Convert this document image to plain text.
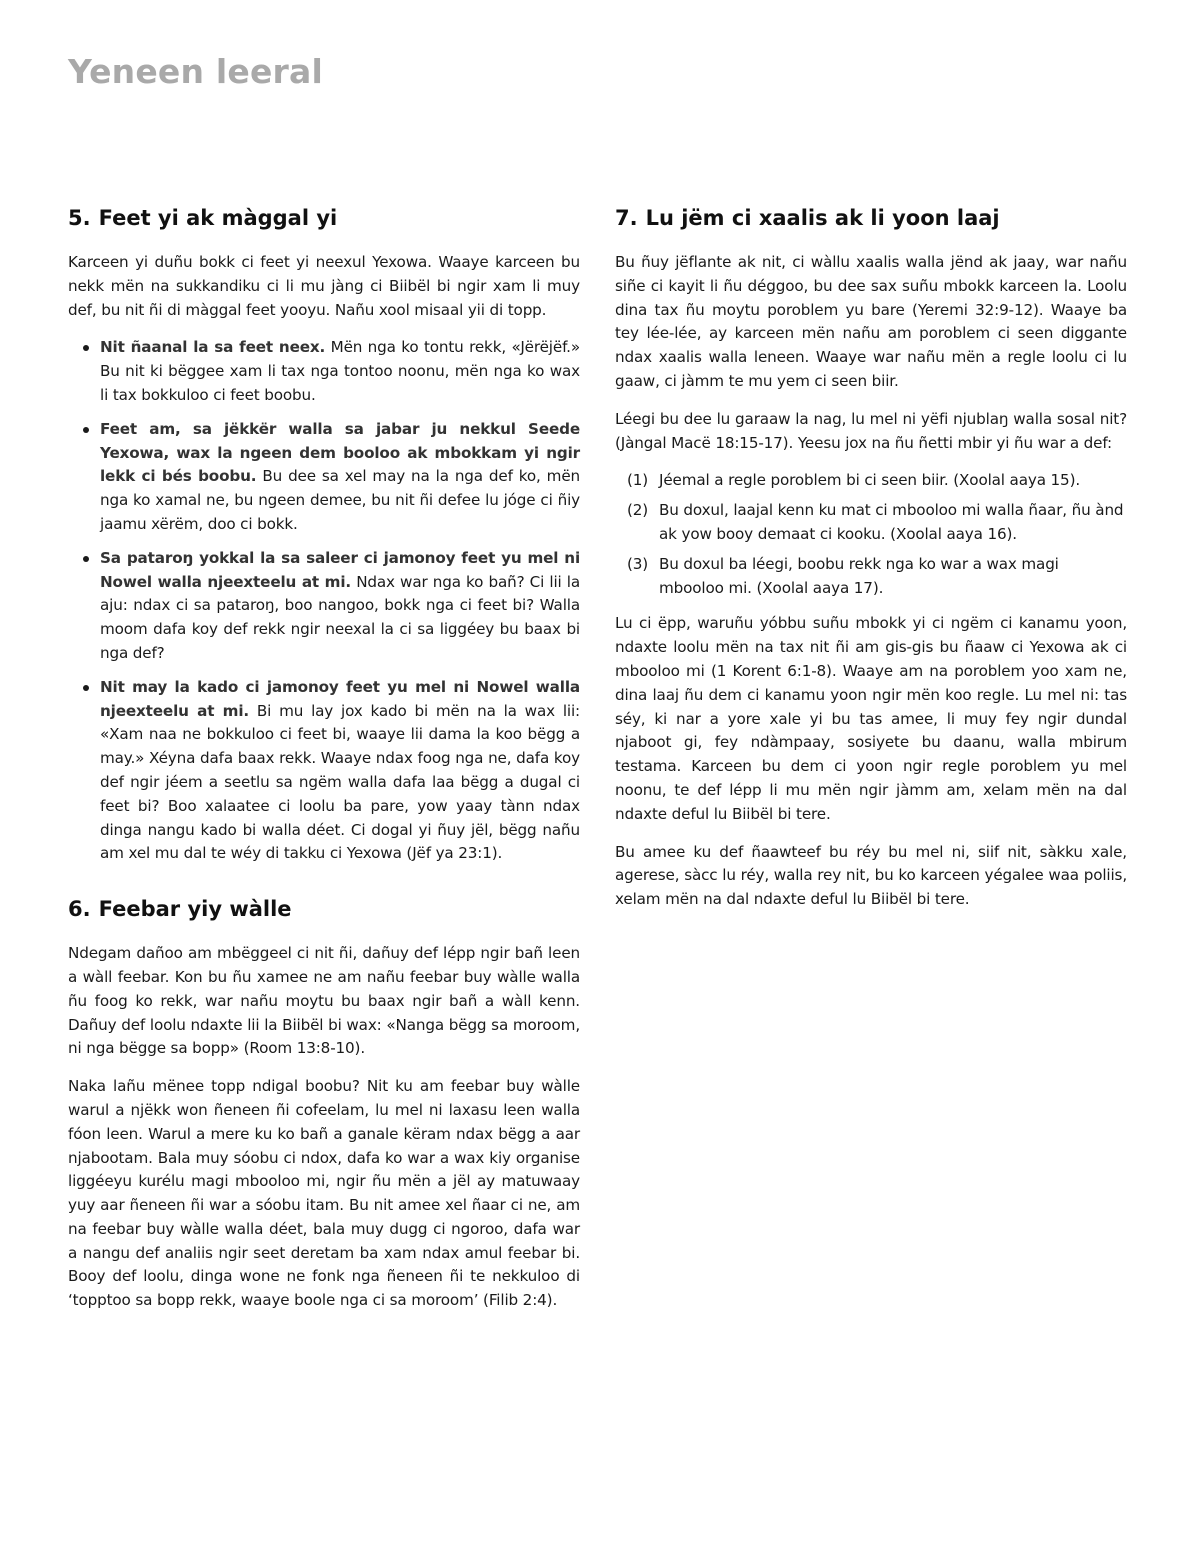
Yeneen leeral
5. Feet yi ak màggal yi

Karceen yi duñu bokk ci feet yi neexul Yexowa. Waaye karceen bu nekk mën na sukkandiku ci li mu jàng ci Biibël bi ngir xam li muy def, bu nit ñi di màggal feet yooyu. Nañu xool misaal yii di topp.

Nit ñaanal la sa feet neex. Mën nga ko tontu rekk, «Jërëjëf.» Bu nit ki bëggee xam li tax nga tontoo noonu, mën nga ko wax li tax bokkuloo ci feet boobu.
Feet am, sa jëkkër walla sa jabar ju nekkul Seede Yexowa, wax la ngeen dem booloo ak mbokkam yi ngir lekk ci bés boobu. Bu dee sa xel may na la nga def ko, mën nga ko xamal ne, bu ngeen demee, bu nit ñi defee lu jóge ci ñiy jaamu xërëm, doo ci bokk.
Sa pataroŋ yokkal la sa saleer ci jamonoy feet yu mel ni Nowel walla njeexteelu at mi. Ndax war nga ko bañ? Ci lii la aju: ndax ci sa pataroŋ, boo nangoo, bokk nga ci feet bi? Walla moom dafa koy def rekk ngir neexal la ci sa liggéey bu baax bi nga def?
Nit may la kado ci jamonoy feet yu mel ni Nowel walla njeexteelu at mi. Bi mu lay jox kado bi mën na la wax lii: «Xam naa ne bokkuloo ci feet bi, waaye lii dama la koo bëgg a may.» Xéyna dafa baax rekk. Waaye ndax foog nga ne, dafa koy def ngir jéem a seetlu sa ngëm walla dafa laa bëgg a dugal ci feet bi? Boo xalaatee ci loolu ba pare, yow yaay tànn ndax dinga nangu kado bi walla déet. Ci dogal yi ñuy jël, bëgg nañu am xel mu dal te wéy di takku ci Yexowa (Jëf ya 23:1).
6. Feebar yiy wàlle

Ndegam dañoo am mbëggeel ci nit ñi, dañuy def lépp ngir bañ leen a wàll feebar. Kon bu ñu xamee ne am nañu feebar buy wàlle walla ñu foog ko rekk, war nañu moytu bu baax ngir bañ a wàll kenn. Dañuy def loolu ndaxte lii la Biibël bi wax: «Nanga bëgg sa moroom, ni nga bëgge sa bopp» (Room 13:8-10).

Naka lañu mënee topp ndigal boobu? Nit ku am feebar buy wàlle warul a njëkk won ñeneen ñi cofeelam, lu mel ni laxasu leen walla fóon leen. Warul a mere ku ko bañ a ganale këram ndax bëgg a aar njabootam. Bala muy sóobu ci ndox, dafa ko war a wax kiy organise liggéeyu kurélu magi mbooloo mi, ngir ñu mën a jël ay matuwaay yuy aar ñeneen ñi war a sóobu itam. Bu nit amee xel ñaar ci ne, am na feebar buy wàlle walla déet, bala muy dugg ci ngoroo, dafa war a nangu def analiis ngir seet deretam ba xam ndax amul feebar bi. Booy def loolu, dinga wone ne fonk nga ñeneen ñi te nekkuloo di ‘topptoo sa bopp rekk, waaye boole nga ci sa moroom’ (Filib 2:4).

7. Lu jëm ci xaalis ak li yoon laaj

Bu ñuy jëflante ak nit, ci wàllu xaalis walla jënd ak jaay, war nañu siñe ci kayit li ñu déggoo, bu dee sax suñu mbokk karceen la. Loolu dina tax ñu moytu poroblem yu bare (Yeremi 32:9-12). Waaye ba tey lée-lée, ay karceen mën nañu am poroblem ci seen diggante ndax xaalis walla leneen. Waaye war nañu mën a regle loolu ci lu gaaw, ci jàmm te mu yem ci seen biir.

Léegi bu dee lu garaaw la nag, lu mel ni yëfi njublaŋ walla sosal nit? (Jàngal Macë 18:15-17). Yeesu jox na ñu ñetti mbir yi ñu war a def:

(1) Jéemal a regle poroblem bi ci seen biir. (Xoolal aaya 15).
(2) Bu doxul, laajal kenn ku mat ci mbooloo mi walla ñaar, ñu ànd ak yow booy demaat ci kooku. (Xoolal aaya 16).
(3) Bu doxul ba léegi, boobu rekk nga ko war a wax magi mbooloo mi. (Xoolal aaya 17).

Lu ci ëpp, waruñu yóbbu suñu mbokk yi ci ngëm ci kanamu yoon, ndaxte loolu mën na tax nit ñi am gis-gis bu ñaaw ci Yexowa ak ci mbooloo mi (1 Korent 6:1-8). Waaye am na poroblem yoo xam ne, dina laaj ñu dem ci kanamu yoon ngir mën koo regle. Lu mel ni: tas séy, ki nar a yore xale yi bu tas amee, li muy fey ngir dundal njaboot gi, fey ndàmpaay, sosiyete bu daanu, walla mbirum testama. Karceen bu dem ci yoon ngir regle poroblem yu mel noonu, te def lépp li mu mën ngir jàmm am, xelam mën na dal ndaxte deful lu Biibël bi tere.

Bu amee ku def ñaawteef bu réy bu mel ni, siif nit, sàkku xale, agerese, sàcc lu réy, walla rey nit, bu ko karceen yégalee waa poliis, xelam mën na dal ndaxte deful lu Biibël bi tere.
